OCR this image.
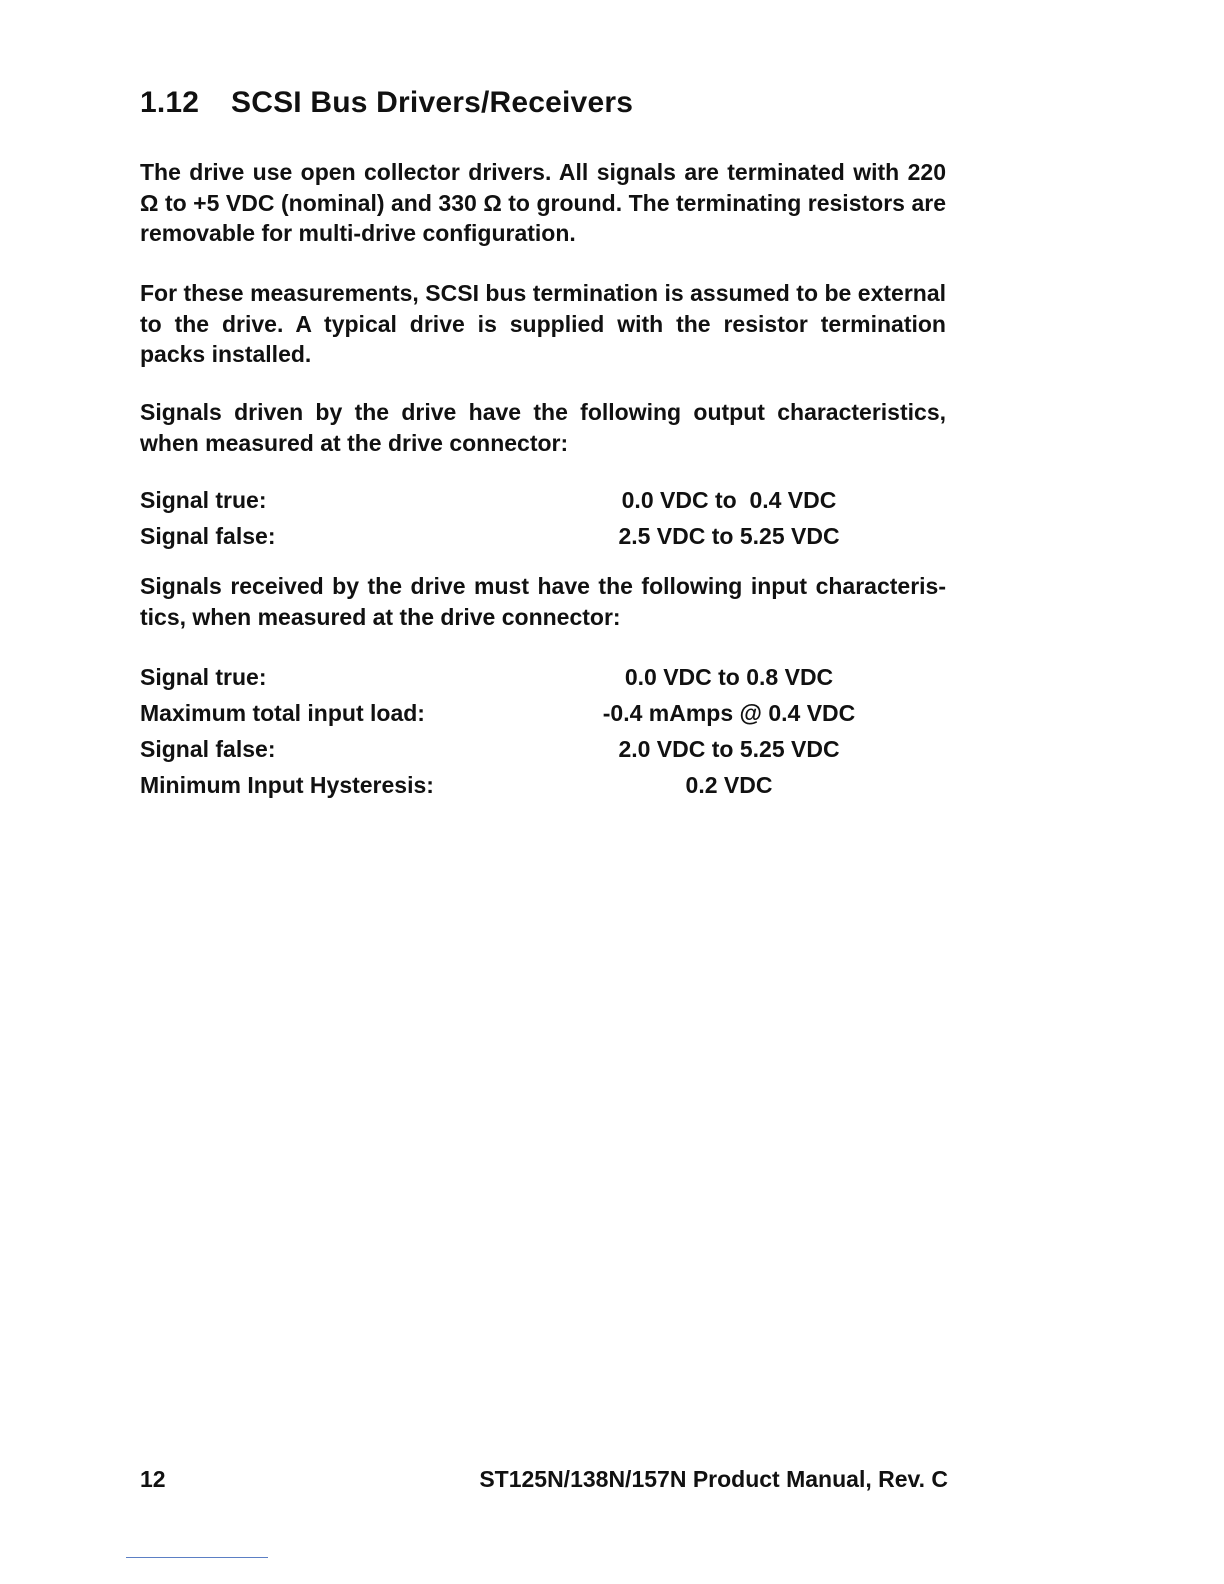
1.12 SCSI Bus Drivers/Receivers

The drive use open collector drivers. All signals are terminated with 220 Ω to +5 VDC (nominal) and 330 Ω to ground. The terminating resistors are removable for multi-drive configuration.

For these measurements, SCSI bus termination is assumed to be external to the drive. A typical drive is supplied with the resistor termination packs installed.

Signals driven by the drive have the following output characteristics, when measured at the drive connector:

Signal true:	0.0 VDC to  0.4 VDC
Signal false:	2.5 VDC to 5.25 VDC

Signals received by the drive must have the following input characteristics, when measured at the drive connector:

Signal true:	0.0 VDC to 0.8 VDC
Maximum total input load:	-0.4 mAmps @ 0.4 VDC
Signal false:	2.0 VDC to 5.25 VDC
Minimum Input Hysteresis:	0.2 VDC
12	ST125N/138N/157N Product Manual, Rev. C
